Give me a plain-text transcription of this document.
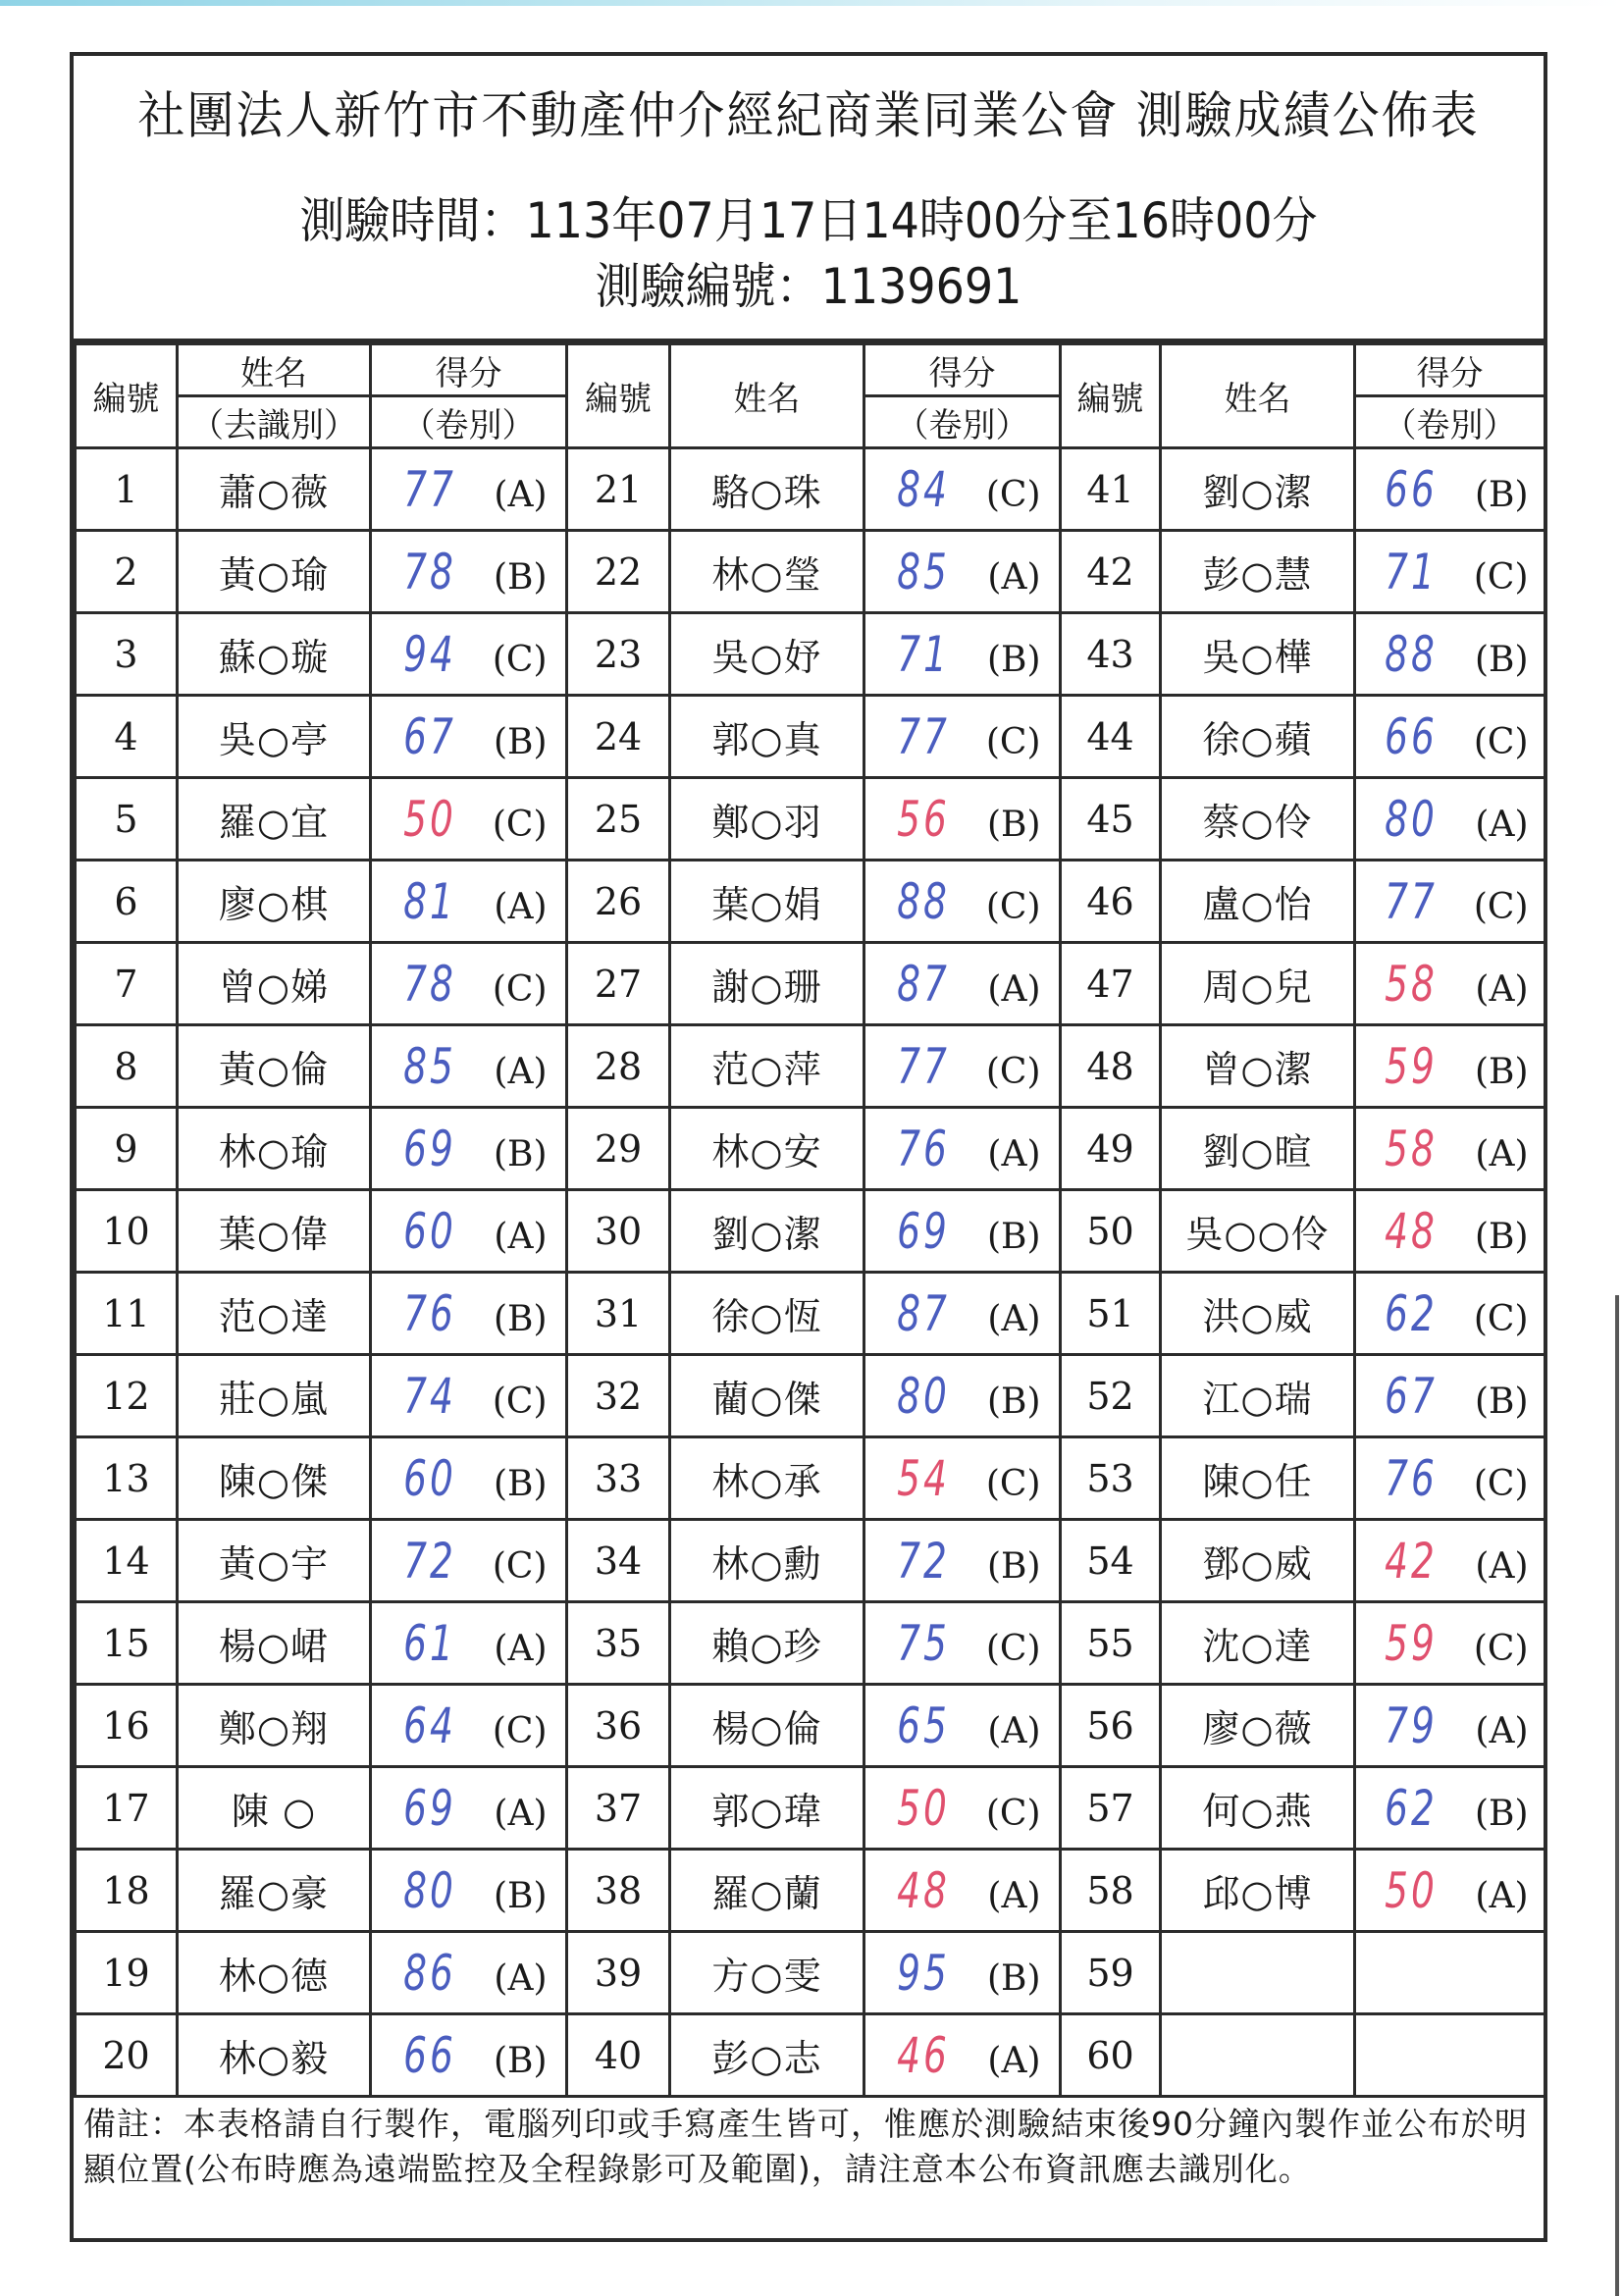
社團法人新竹市不動產仲介經紀商業同業公會 測驗成績公佈表
測驗時間：113年07月17日14時00分至16時00分
測驗編號：1139691
編號	姓名	得分	編號	姓名	得分	編號	姓名	得分
	（去識別）	（卷別）			（卷別）			（卷別）
1	蕭○薇	77 (A)	21	駱○珠	84 (C)	41	劉○潔	66 (B)
2	黃○瑜	78 (B)	22	林○瑩	85 (A)	42	彭○慧	71 (C)
3	蘇○璇	94 (C)	23	吳○妤	71 (B)	43	吳○樺	88 (B)
4	吳○亭	67 (B)	24	郭○真	77 (C)	44	徐○蘋	66 (C)
5	羅○宜	50 (C)	25	鄭○羽	56 (B)	45	蔡○伶	80 (A)
6	廖○棋	81 (A)	26	葉○娟	88 (C)	46	盧○怡	77 (C)
7	曾○娣	78 (C)	27	謝○珊	87 (A)	47	周○兒	58 (A)
8	黃○倫	85 (A)	28	范○萍	77 (C)	48	曾○潔	59 (B)
9	林○瑜	69 (B)	29	林○安	76 (A)	49	劉○暄	58 (A)
10	葉○偉	60 (A)	30	劉○潔	69 (B)	50	吳○○伶	48 (B)
11	范○達	76 (B)	31	徐○恆	87 (A)	51	洪○威	62 (C)
12	莊○嵐	74 (C)	32	藺○傑	80 (B)	52	江○瑞	67 (B)
13	陳○傑	60 (B)	33	林○承	54 (C)	53	陳○任	76 (C)
14	黃○宇	72 (C)	34	林○勳	72 (B)	54	鄧○威	42 (A)
15	楊○峮	61 (A)	35	賴○珍	75 (C)	55	沈○達	59 (C)
16	鄭○翔	64 (C)	36	楊○倫	65 (A)	56	廖○薇	79 (A)
17	陳 ○	69 (A)	37	郭○瑋	50 (C)	57	何○燕	62 (B)
18	羅○豪	80 (B)	38	羅○蘭	48 (A)	58	邱○博	50 (A)
19	林○德	86 (A)	39	方○雯	95 (B)	59		
20	林○毅	66 (B)	40	彭○志	46 (A)	60		
備註：本表格請自行製作，電腦列印或手寫產生皆可，惟應於測驗結束後90分鐘內製作並公布於明顯位置(公布時應為遠端監控及全程錄影可及範圍)，請注意本公布資訊應去識別化。
